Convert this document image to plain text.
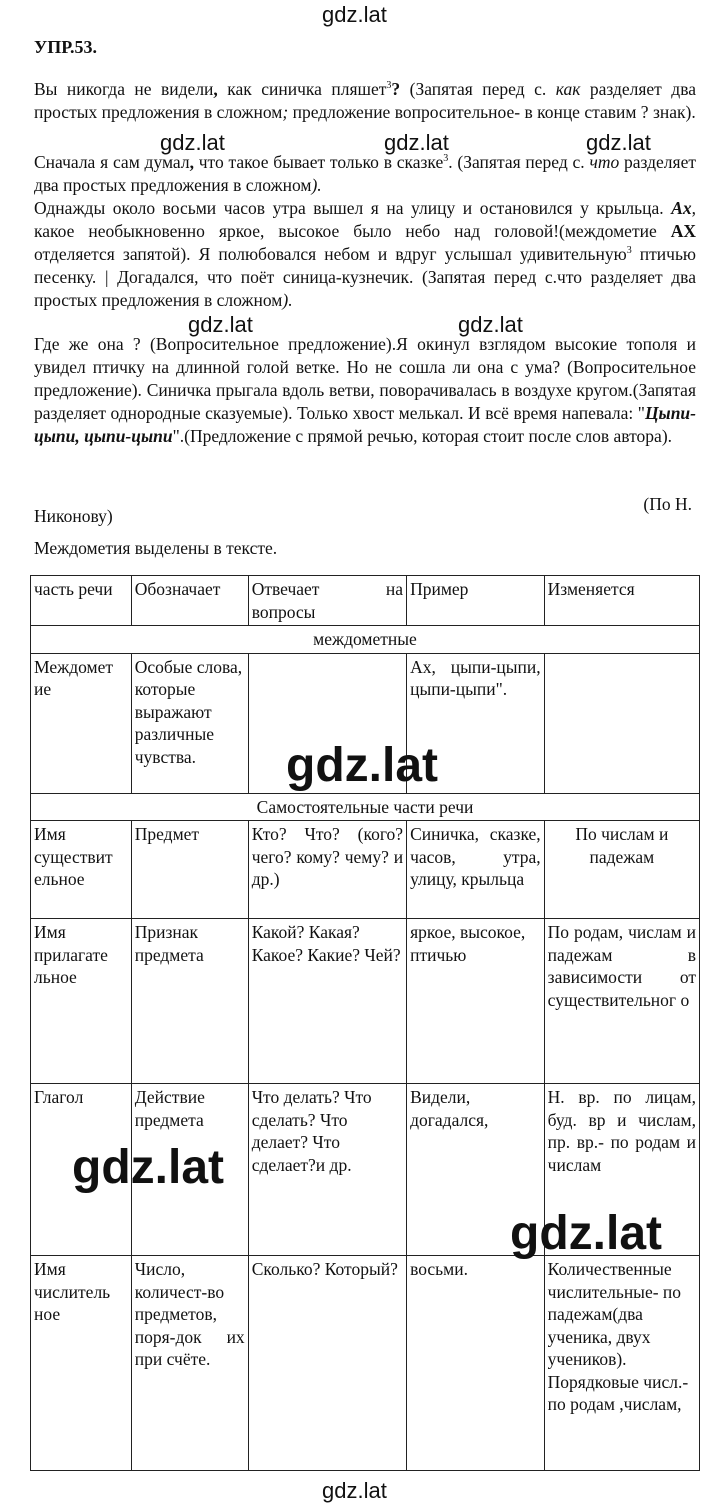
gdz.lat
УПР.53.
Вы никогда не видели, как синичка пляшет$^3$? (Запятая перед с. как разделяет два простых предложения в сложном; предложение вопросительное- в конце ставим ? знак).
gdz.lat	gdz.lat	gdz.lat
Сначала я сам думал, что такое бывает только в сказке$^3$. (Запятая перед с. что разделяет два простых предложения в сложном).
Однажды около восьми часов утра вышел я на улицу и остановился у крыльца. Ах, какое необыкновенно яркое, высокое было небо над головой!(междометие АХ отделяется запятой). Я полюбовался небом и вдруг услышал удивительную$^3$ птичью песенку. | Догадался, что поёт синица-кузнечик. (Запятая перед с.что разделяет два простых предложения в сложном).
gdz.lat	gdz.lat
Где же она ? (Вопросительное предложение).Я окинул взглядом высокие тополя и увидел птичку на длинной голой ветке. Но не сошла ли она с ума? (Вопросительное предложение). Синичка прыгала вдоль ветви, поворачивалась в воздухе кругом.(Запятая разделяет однородные сказуемые). Только хвост мелькал. И всё время напевала: "Цыпи-цыпи, цыпи-цыпи".(Предложение с прямой речью, которая стоит после слов автора).
(По Н.
Никонову)
Междометия выделены в тексте.
часть речи	Обозначает	Отвечает на вопросы	Пример	Изменяется
междометные				
Междомет ие	Особые слова, которые выражают различные чувства.		Ах, цыпи-цыпи, цыпи-цыпи".	
Самостоятельные части речи				
Имя существит ельное	Предмет	Кто? Что? (кого? чего? кому? чему? и др.)	Синичка, сказке, часов, утра, улицу, крыльца	По числам и падежам
Имя прилагате льное	Признак предмета	Какой? Какая? Какое? Какие? Чей?	яркое, высокое, птичью	По родам, числам и падежам в зависимости от существительног о
Глагол	Действие предмета	Что делать? Что сделать? Что делает? Что сделает?и др.	Видели, догадался,	Н. вр. по лицам, буд. вр и числам, пр. вр.- по родам и числам
Имя числитель ное	Число, количест-во предметов, поря-док их при счёте.	Сколько? Который?	восьми.	Количественные числительные- по падежам(два ученика, двух учеников). Порядковые числ.- по родам ,числам,
gdz.lat
gdz.lat
gdz.lat
gdz.lat
